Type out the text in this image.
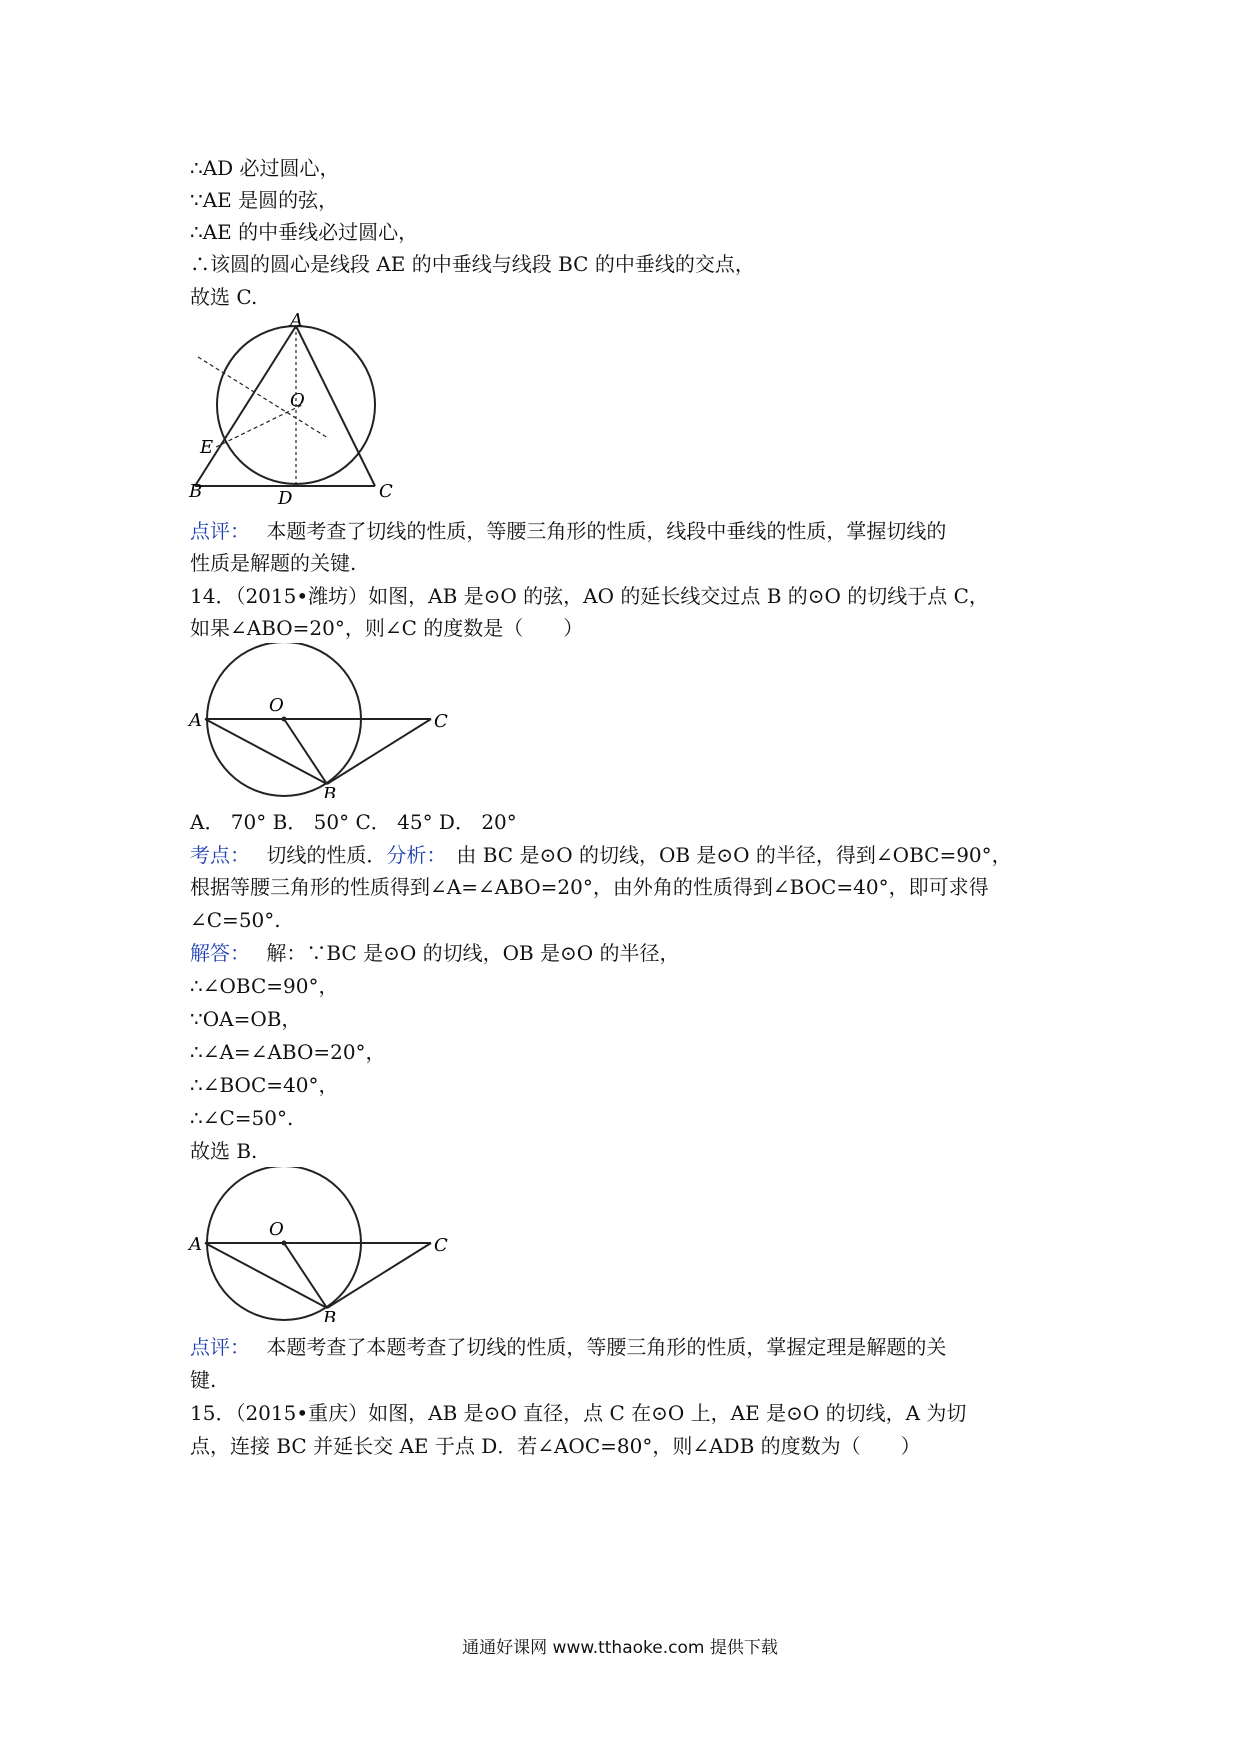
∴AD 必过圆心，
∵AE 是圆的弦，
∴AE 的中垂线必过圆心，
∴该圆的圆心是线段 AE 的中垂线与线段 BC 的中垂线的交点，
故选 C.
A
O
E
B	D	C
点评：　 本题考查了切线的性质，等腰三角形的性质，线段中垂线的性质，掌握切线的
性质是解题的关键.
14．（2015•潍坊）如图，AB 是⊙O 的弦，AO 的延长线交过点 B 的⊙O 的切线于点 C，
如果∠ABO=20°，则∠C 的度数是（　　）
A
O
C
B
A． 70° B． 50° C． 45° D． 20°
考点：　 切线的性质．分析：　 由 BC 是⊙O 的切线，OB 是⊙O 的半径，得到∠OBC=90°，
根据等腰三角形的性质得到∠A=∠ABO=20°，由外角的性质得到∠BOC=40°，即可求得
∠C=50°.
解答：　 解：∵BC 是⊙O 的切线，OB 是⊙O 的半径，
∴∠OBC=90°，
∵OA=OB，
∴∠A=∠ABO=20°，
∴∠BOC=40°，
∴∠C=50°.
故选 B.
A
O
C
B
点评：　 本题考查了本题考查了切线的性质，等腰三角形的性质，掌握定理是解题的关
键.
15．（2015•重庆）如图，AB 是⊙O 直径，点 C 在⊙O 上，AE 是⊙O 的切线，A 为切
点，连接 BC 并延长交 AE 于点 D．若∠AOC=80°，则∠ADB 的度数为（　　）
通通好课网 www.tthaoke.com 提供下载
